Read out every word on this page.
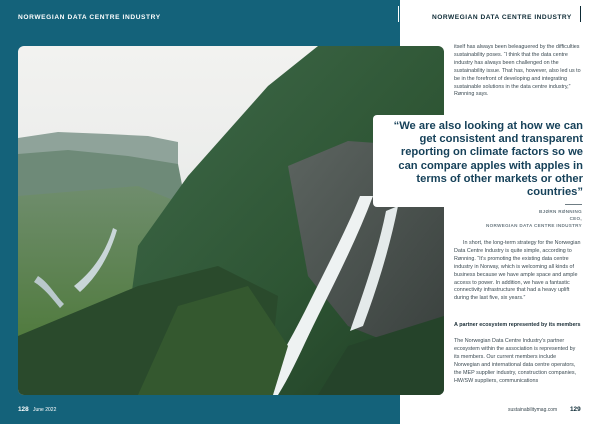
NORWEGIAN DATA CENTRE INDUSTRY	NORWEGIAN DATA CENTRE INDUSTRY

itself has always been beleaguered by the difficulties sustainability poses. “I think that the data centre industry has always been challenged on the sustainability issue. That has, however, also led us to be in the forefront of developing and integrating sustainable solutions in the data centre industry,” Rønning says.

“We are also looking at how we can get consistent and transparent reporting on climate factors so we can compare apples with apples in terms of other markets or other countries”

BJØRN RØNNING
CEO,
NORWEGIAN DATA CENTRE INDUSTRY

In short, the long-term strategy for the Norwegian Data Centre Industry is quite simple, according to Rønning. “It’s promoting the existing data centre industry in Norway, which is welcoming all kinds of business because we have ample space and ample access to power. In addition, we have a fantastic connectivity infrastructure that had a heavy uplift during the last five, six years.”

A partner ecosystem represented by its members

The Norwegian Data Centre Industry’s partner ecosystem within the association is represented by its members. Our current members include Norwegian and international data centre operators, the MEP supplier industry, construction companies, HW/SW suppliers, communications

128 June 2022	sustainabilitymag.com 129
